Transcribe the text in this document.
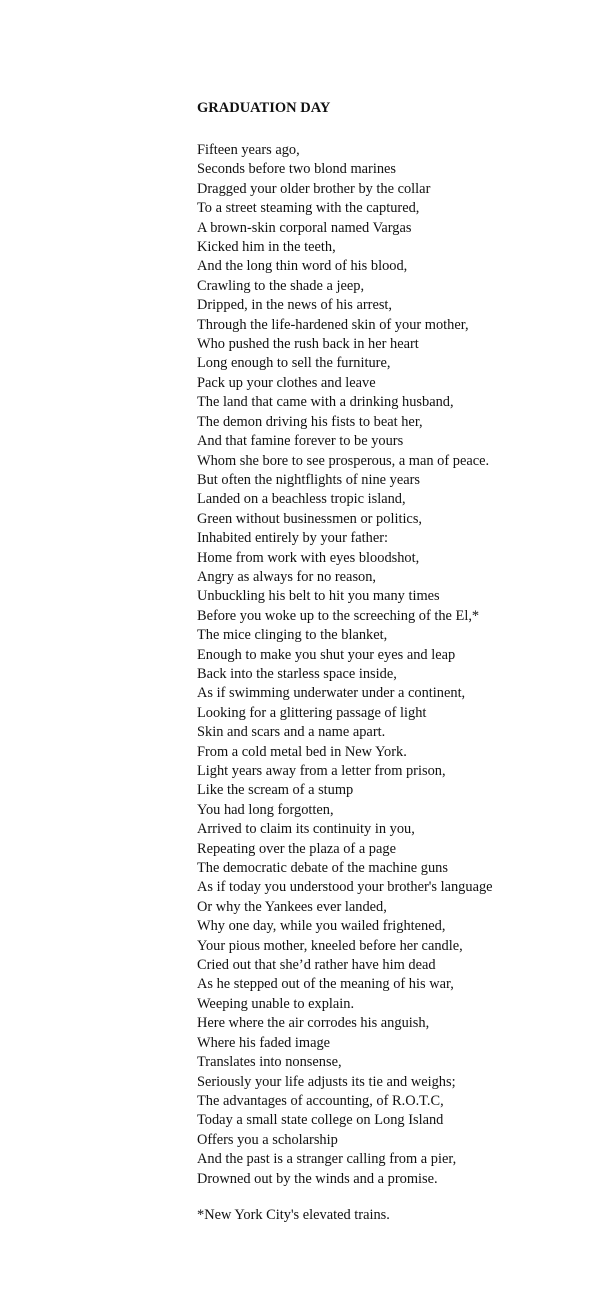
GRADUATION DAY
Fifteen years ago,
Seconds before two blond marines
Dragged your older brother by the collar
To a street steaming with the captured,
A brown-skin corporal named Vargas
Kicked him in the teeth,
And the long thin word of his blood,
Crawling to the shade a jeep,
Dripped, in the news of his arrest,
Through the life-hardened skin of your mother,
Who pushed the rush back in her heart
Long enough to sell the furniture,
Pack up your clothes and leave
The land that came with a drinking husband,
The demon driving his fists to beat her,
And that famine forever to be yours
Whom she bore to see prosperous, a man of peace.
But often the nightflights of nine years
Landed on a beachless tropic island,
Green without businessmen or politics,
Inhabited entirely by your father:
Home from work with eyes bloodshot,
Angry as always for no reason,
Unbuckling his belt to hit you many times
Before you woke up to the screeching of the El,*
The mice clinging to the blanket,
Enough to make you shut your eyes and leap
Back into the starless space inside,
As if swimming underwater under a continent,
Looking for a glittering passage of light
Skin and scars and a name apart.
From a cold metal bed in New York.
Light years away from a letter from prison,
Like the scream of a stump
You had long forgotten,
Arrived to claim its continuity in you,
Repeating over the plaza of a page
The democratic debate of the machine guns
As if today you understood your brother's language
Or why the Yankees ever landed,
Why one day, while you wailed frightened,
Your pious mother, kneeled before her candle,
Cried out that she’d rather have him dead
As he stepped out of the meaning of his war,
Weeping unable to explain.
Here where the air corrodes his anguish,
Where his faded image
Translates into nonsense,
Seriously your life adjusts its tie and weighs;
The advantages of accounting, of R.O.T.C,
Today a small state college on Long Island
Offers you a scholarship
And the past is a stranger calling from a pier,
Drowned out by the winds and a promise.
*New York City's elevated trains.
